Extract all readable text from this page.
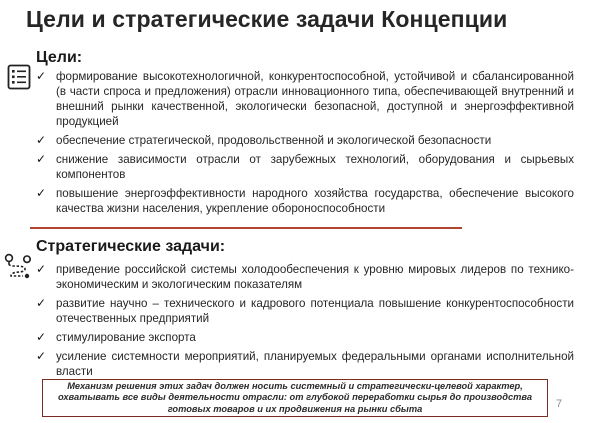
Цели и стратегические задачи Концепции
Цели:
✓ формирование высокотехнологичной, конкурентоспособной, устойчивой и сбалансированной (в части спроса и предложения) отрасли инновационного типа, обеспечивающей внутренний и внешний рынки качественной, экологически безопасной, доступной и энергоэффективной продукцией
✓ обеспечение стратегической, продовольственной и экологической безопасности
✓ снижение зависимости отрасли от зарубежных технологий, оборудования и сырьевых компонентов
✓ повышение энергоэффективности народного хозяйства государства, обеспечение высокого качества жизни населения, укрепление обороноспособности
Стратегические задачи:
✓ приведение российской системы холодообеспечения к уровню мировых лидеров по технико-экономическим и экологическим показателям
✓ развитие научно – технического и кадрового потенциала повышение конкурентоспособности отечественных предприятий
✓ стимулирование экспорта
✓ усиление системности мероприятий, планируемых федеральными органами исполнительной власти
Механизм решения этих задач должен носить системный и стратегически-целевой характер, охватывать все виды деятельности отрасли: от глубокой переработки сырья до производства готовых товаров и их продвижения на рынки сбыта	7
